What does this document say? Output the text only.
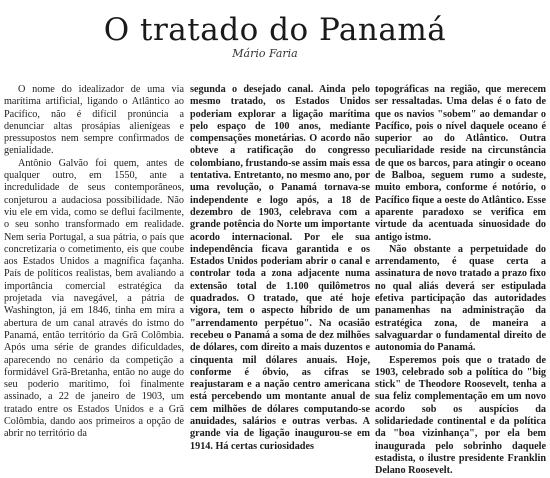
O tratado do Panamá
Mário Faria

O nome do idealizador de uma via marítima artificial, ligando o Atlântico ao Pacífico, não é difícil pronúncia a denunciar altas prosápias alienígeas e pressupostos nem sempre confirmados de genialidade.

Antônio Galvão foi quem, antes de qualquer outro, em 1550, ante a incredulidade de seus contemporâneos, conjeturou a audaciosa possibilidade. Não viu ele em vida, como se deflui facilmente, o seu sonho transformado em realidade. Nem seria Portugal, a sua pátria, o país que concretizaria o cometimento, eis que coube aos Estados Unidos a magnífica façanha. País de políticos realistas, bem avaliando a importância comercial estratégica da projetada via navegável, a pátria de Washington, já em 1846, tinha em mira a abertura de um canal através do istmo do Panamá, então território da Grã Colômbia. Após uma série de grandes dificuldades, aparecendo no cenário da competição a formidável Grã-Bretanha, então no auge do seu poderio marítimo, foi finalmente assinado, a 22 de janeiro de 1903, um tratado entre os Estados Unidos e a Grã Colômbia, dando aos primeiros a opção de abrir no território da

segunda o desejado canal. Ainda pelo mesmo tratado, os Estados Unidos poderiam explorar a ligação marítima pelo espaço de 100 anos, mediante compensações monetárias. O acordo não obteve a ratificação do congresso colombiano, frustando-se assim mais essa tentativa. Entretanto, no mesmo ano, por uma revolução, o Panamá tornava-se independente e logo após, a 18 de dezembro de 1903, celebrava com a grande potência do Norte um importante acordo internacional. Por ele sua independência ficava garantida e os Estados Unidos poderiam abrir o canal e controlar toda a zona adjacente numa extensão total de 1.100 quilômetros quadrados. O tratado, que até hoje vigora, tem o aspecto híbrido de um "arrendamento perpétuo". Na ocasião recebeu o Panamá a soma de dez milhões de dólares, com direito a mais duzentos e cinquenta mil dólares anuais. Hoje, conforme é óbvio, as cifras se reajustaram e a nação centro americana está percebendo um montante anual de cem milhões de dólares computando-se anuidades, salários e outras verbas. A grande via de ligação inaugurou-se em 1914. Há certas curiosidades

topográficas na região, que merecem ser ressaltadas. Uma delas é o fato de que os navios "sobem" ao demandar o Pacífico, pois o nível daquele oceano é superior ao do Atlântico. Outra peculiaridade reside na circunstância de que os barcos, para atingir o oceano de Balboa, seguem rumo a sudeste, muito embora, conforme é notório, o Pacífico fique a oeste do Atlântico. Esse aparente paradoxo se verifica em virtude da acentuada sinuosidade do antigo istmo.

Não obstante a perpetuidade do arrendamento, é quase certa a assinatura de novo tratado a prazo fixo no qual aliás deverá ser estipulada efetiva participação das autoridades panamenhas na administração da estratégica zona, de maneira a salvaguardar o fundamental direito de autonomia do Panamá.

Esperemos pois que o tratado de 1903, celebrado sob a política do "big stick" de Theodore Roosevelt, tenha a sua feliz complementação em um novo acordo sob os auspícios da solidariedade continental e da política da "boa vizinhança", por ela bem inaugurada pelo sobrinho daquele estadista, o ilustre presidente Franklin Delano Roosevelt.
